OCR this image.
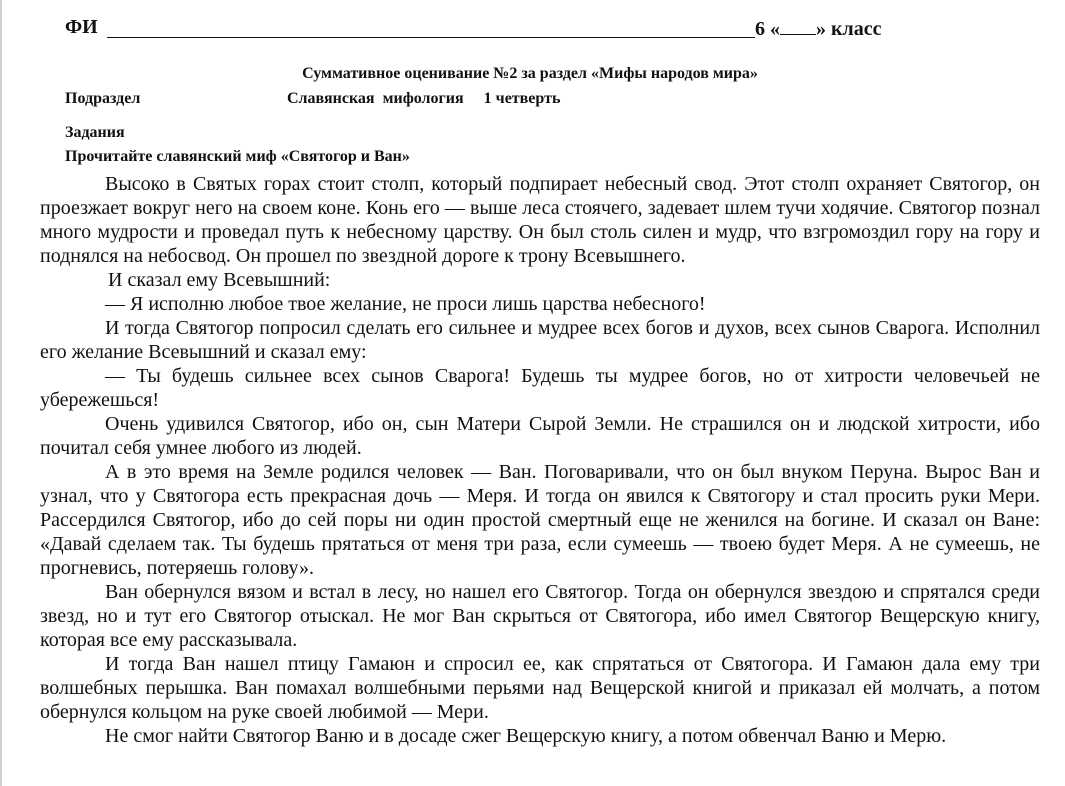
ФИ	6 « » класс
Суммативное оценивание №2 за раздел «Мифы народов мира»
Подраздел	Славянская  мифология     1 четверть
Задания
Прочитайте славянский миф «Святогор и Ван»

Высоко в Святых горах стоит столп, который подпирает небесный свод. Этот столп охраняет Святогор, он проезжает вокруг него на своем коне. Конь его — выше леса стоячего, задевает шлем тучи ходячие. Святогор познал много мудрости и проведал путь к небесному царству. Он был столь силен и мудр, что взгромоздил гору на гору и поднялся на небосвод. Он прошел по звездной дороге к трону Всевышнего.

И сказал ему Всевышний:

— Я исполню любое твое желание, не проси лишь царства небесного!

И тогда Святогор попросил сделать его сильнее и мудрее всех богов и духов, всех сынов Сварога. Исполнил его желание Всевышний и сказал ему:

— Ты будешь сильнее всех сынов Сварога! Будешь ты мудрее богов, но от хитрости человечьей не убережешься!

Очень удивился Святогор, ибо он, сын Матери Сырой Земли. Не страшился он и людской хитрости, ибо почитал себя умнее любого из людей.

А в это время на Земле родился человек — Ван. Поговаривали, что он был внуком Перуна. Вырос Ван и узнал, что у Святогора есть прекрасная дочь — Меря. И тогда он явился к Святогору и стал просить руки Мери. Рассердился Святогор, ибо до сей поры ни один простой смертный еще не женился на богине. И сказал он Ване: «Давай сделаем так. Ты будешь прятаться от меня три раза, если сумеешь — твоею будет Меря. А не сумеешь, не прогневись, потеряешь голову».

Ван обернулся вязом и встал в лесу, но нашел его Святогор. Тогда он обернулся звездою и спрятался среди звезд, но и тут его Святогор отыскал. Не мог Ван скрыться от Святогора, ибо имел Святогор Вещерскую книгу, которая все ему рассказывала.

И тогда Ван нашел птицу Гамаюн и спросил ее, как спрятаться от Святогора. И Гамаюн дала ему три волшебных перышка. Ван помахал волшебными перьями над Вещерской книгой и приказал ей молчать, а потом обернулся кольцом на руке своей любимой — Мери.

Не смог найти Святогор Ваню и в досаде сжег Вещерскую книгу, а потом обвенчал Ваню и Мерю.
